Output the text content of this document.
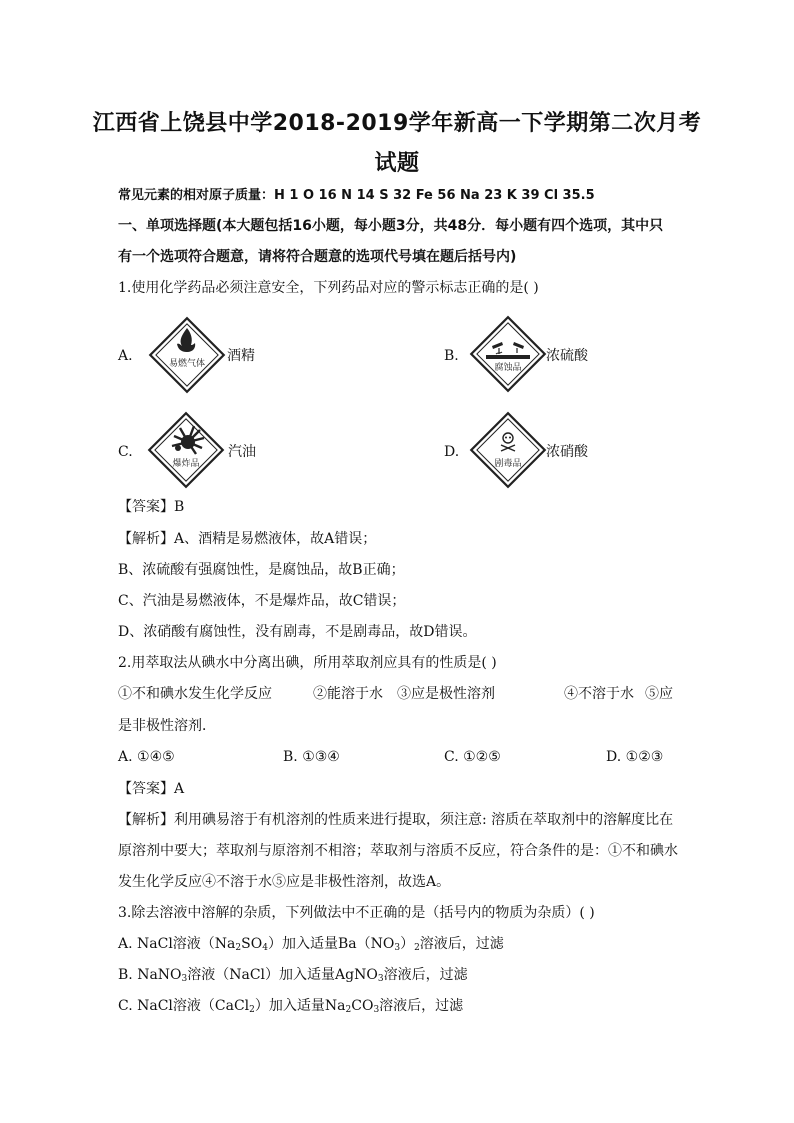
江西省上饶县中学2018-2019学年新高一下学期第二次月考
试题
常见元素的相对原子质量：H 1 O 16 N 14 S 32 Fe 56 Na 23 K 39 Cl 35.5
一、单项选择题(本大题包括16小题，每小题3分，共48分．每小题有四个选项，其中只
有一个选项符合题意，请将符合题意的选项代号填在题后括号内)
1.使用化学药品必须注意安全，下列药品对应的警示标志正确的是( )
A.	易燃气体 酒精	B.
腐蚀品
浓硫酸
C.
爆炸品
汽油	D.
剧毒品
浓硝酸
【答案】B
【解析】A、酒精是易燃液体，故A错误；
B、浓硫酸有强腐蚀性，是腐蚀品，故B正确；
C、汽油是易燃液体，不是爆炸品，故C错误；
D、浓硝酸有腐蚀性，没有剧毒，不是剧毒品，故D错误。
2.用萃取法从碘水中分离出碘，所用萃取剂应具有的性质是( )
①不和碘水发生化学反应	②能溶于水 ③应是极性溶剂	④不溶于水 ⑤应
是非极性溶剂．
A. ①④⑤	B. ①③④	C. ①②⑤	D. ①②③
【答案】A
【解析】利用碘易溶于有机溶剂的性质来进行提取，须注意: 溶质在萃取剂中的溶解度比在
原溶剂中要大；萃取剂与原溶剂不相溶；萃取剂与溶质不反应，符合条件的是：①不和碘水
发生化学反应④不溶于水⑤应是非极性溶剂，故选A。
3.除去溶液中溶解的杂质，下列做法中不正确的是（括号内的物质为杂质）( )
A. NaCl溶液$(Na_2SO_4)$加入适量$Ba(NO_3)_2$溶液后，过滤
B. NaNO$_3$溶液（NaCl）加入适量AgNO$_3$溶液后，过滤
C. NaCl溶液（CaCl$_2$）加入适量$Na_2CO_3$溶液后，过滤
